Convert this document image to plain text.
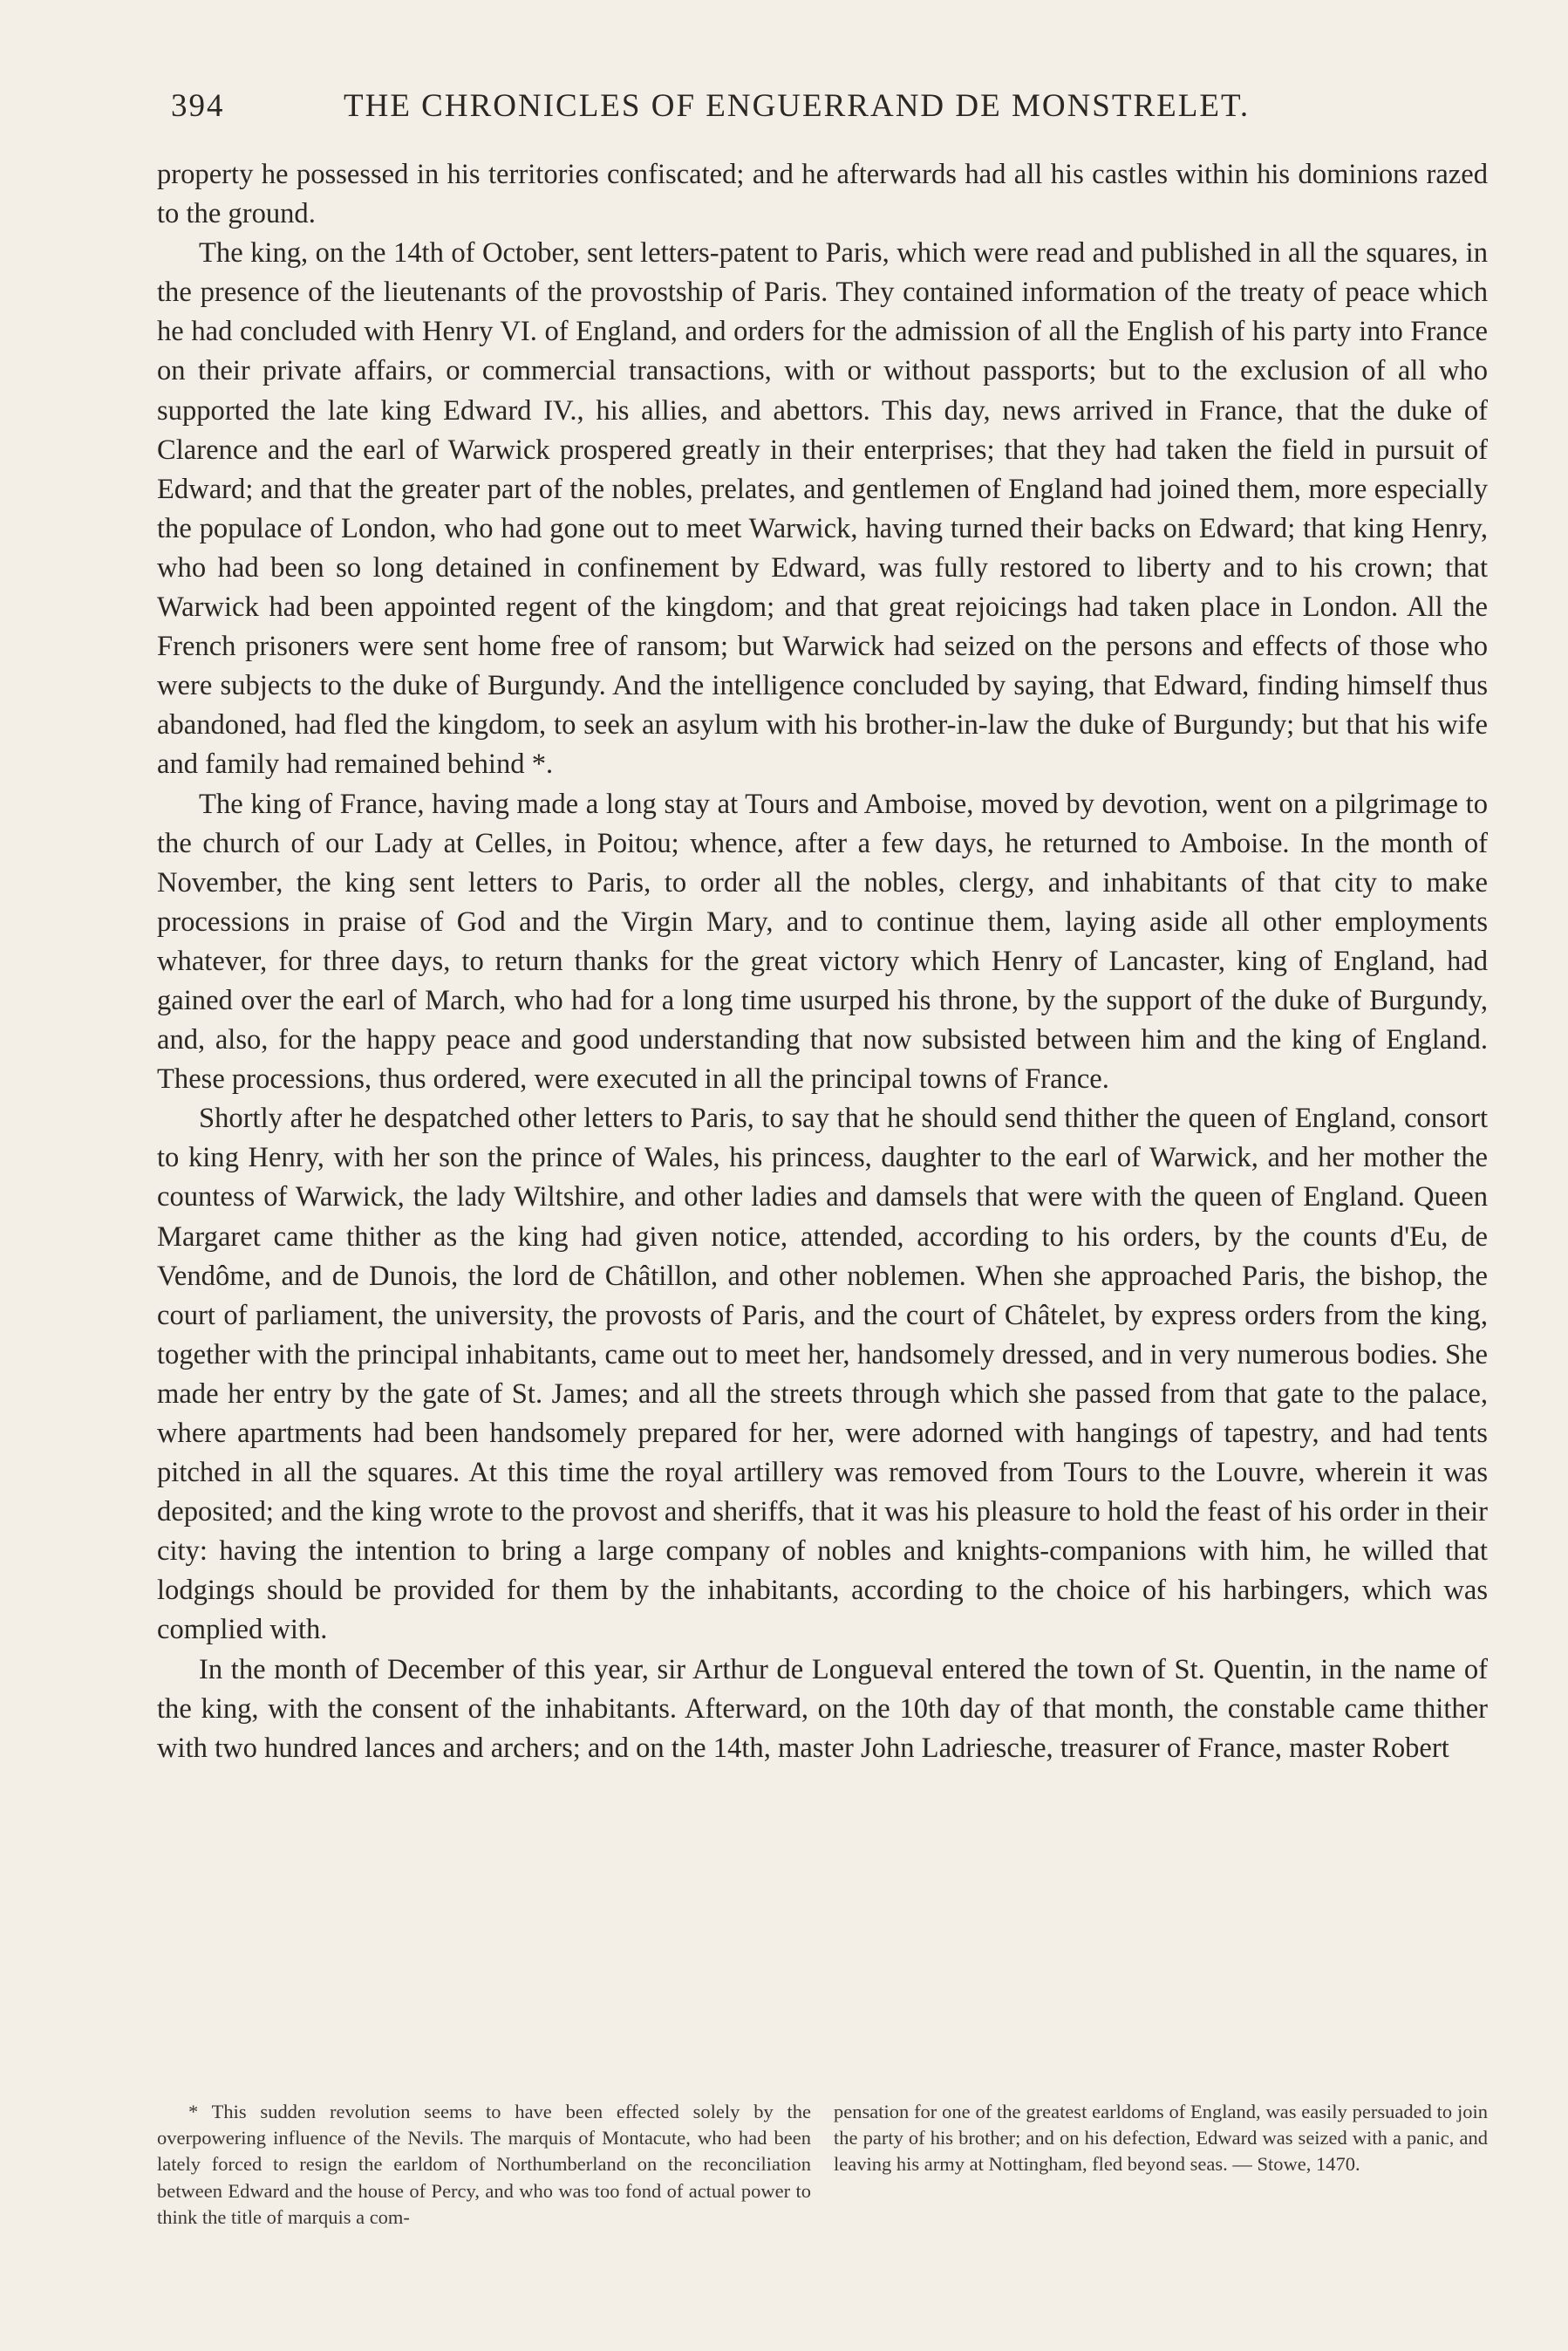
394	THE CHRONICLES OF ENGUERRAND DE MONSTRELET.

property he possessed in his territories confiscated; and he afterwards had all his castles within his dominions razed to the ground.

The king, on the 14th of October, sent letters-patent to Paris, which were read and published in all the squares, in the presence of the lieutenants of the provostship of Paris. They contained information of the treaty of peace which he had concluded with Henry VI. of England, and orders for the admission of all the English of his party into France on their private affairs, or commercial transactions, with or without passports; but to the exclusion of all who supported the late king Edward IV., his allies, and abettors. This day, news arrived in France, that the duke of Clarence and the earl of Warwick prospered greatly in their enterprises; that they had taken the field in pursuit of Edward; and that the greater part of the nobles, prelates, and gentlemen of England had joined them, more especially the populace of London, who had gone out to meet Warwick, having turned their backs on Edward; that king Henry, who had been so long detained in confinement by Edward, was fully restored to liberty and to his crown; that Warwick had been appointed regent of the kingdom; and that great rejoicings had taken place in London. All the French prisoners were sent home free of ransom; but Warwick had seized on the persons and effects of those who were subjects to the duke of Burgundy. And the intelligence concluded by saying, that Edward, finding himself thus abandoned, had fled the kingdom, to seek an asylum with his brother-in-law the duke of Burgundy; but that his wife and family had remained behind *.

The king of France, having made a long stay at Tours and Amboise, moved by devotion, went on a pilgrimage to the church of our Lady at Celles, in Poitou; whence, after a few days, he returned to Amboise. In the month of November, the king sent letters to Paris, to order all the nobles, clergy, and inhabitants of that city to make processions in praise of God and the Virgin Mary, and to continue them, laying aside all other employments whatever, for three days, to return thanks for the great victory which Henry of Lancaster, king of England, had gained over the earl of March, who had for a long time usurped his throne, by the support of the duke of Burgundy, and, also, for the happy peace and good understanding that now subsisted between him and the king of England. These processions, thus ordered, were executed in all the principal towns of France.

Shortly after he despatched other letters to Paris, to say that he should send thither the queen of England, consort to king Henry, with her son the prince of Wales, his princess, daughter to the earl of Warwick, and her mother the countess of Warwick, the lady Wiltshire, and other ladies and damsels that were with the queen of England. Queen Margaret came thither as the king had given notice, attended, according to his orders, by the counts d'Eu, de Vendôme, and de Dunois, the lord de Châtillon, and other noblemen. When she approached Paris, the bishop, the court of parliament, the university, the provosts of Paris, and the court of Châtelet, by express orders from the king, together with the principal inhabitants, came out to meet her, handsomely dressed, and in very numerous bodies. She made her entry by the gate of St. James; and all the streets through which she passed from that gate to the palace, where apartments had been handsomely prepared for her, were adorned with hangings of tapestry, and had tents pitched in all the squares. At this time the royal artillery was removed from Tours to the Louvre, wherein it was deposited; and the king wrote to the provost and sheriffs, that it was his pleasure to hold the feast of his order in their city: having the intention to bring a large company of nobles and knights-companions with him, he willed that lodgings should be provided for them by the inhabitants, according to the choice of his harbingers, which was complied with.

In the month of December of this year, sir Arthur de Longueval entered the town of St. Quentin, in the name of the king, with the consent of the inhabitants. Afterward, on the 10th day of that month, the constable came thither with two hundred lances and archers; and on the 14th, master John Ladriesche, treasurer of France, master Robert

* This sudden revolution seems to have been effected solely by the overpowering influence of the Nevils. The marquis of Montacute, who had been lately forced to resign the earldom of Northumberland on the reconciliation between Edward and the house of Percy, and who was too fond of actual power to think the title of marquis a com-

pensation for one of the greatest earldoms of England, was easily persuaded to join the party of his brother; and on his defection, Edward was seized with a panic, and leaving his army at Nottingham, fled beyond seas. — Stowe, 1470.
